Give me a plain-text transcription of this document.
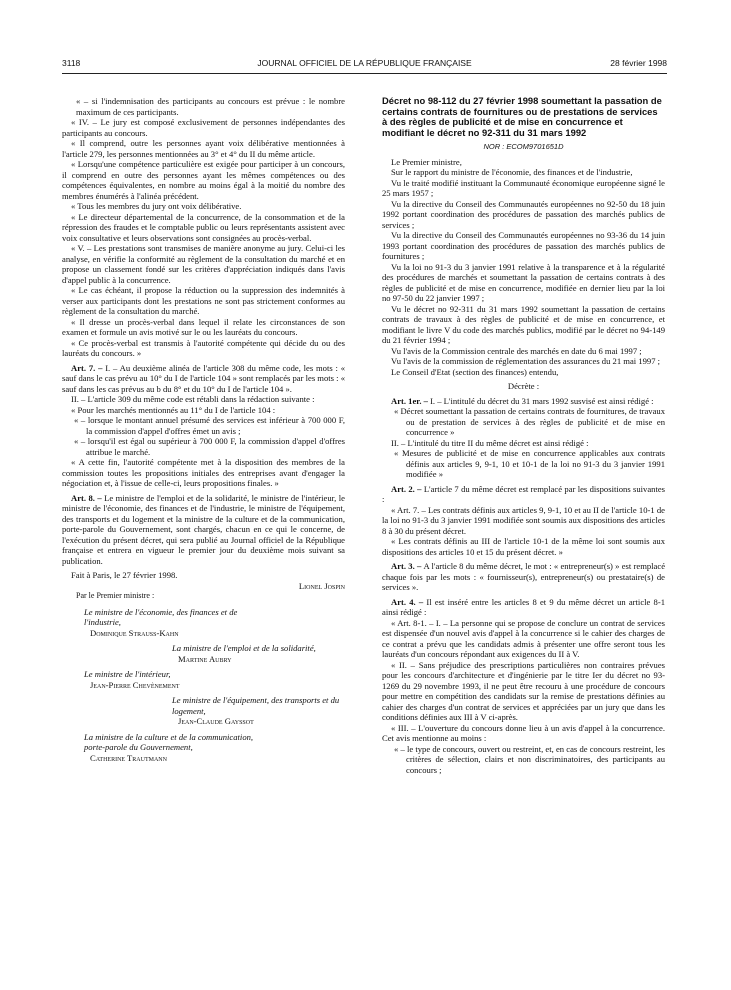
3118	JOURNAL OFFICIEL DE LA RÉPUBLIQUE FRANÇAISE	28 février 1998

« – si l'indemnisation des participants au concours est prévue : le nombre maximum de ces participants.

« IV. – Le jury est composé exclusivement de personnes indépendantes des participants au concours.

« Il comprend, outre les personnes ayant voix délibérative mentionnées à l'article 279, les personnes mentionnées au 3° et 4° du II du même article.

« Lorsqu'une compétence particulière est exigée pour participer à un concours, il comprend en outre des personnes ayant les mêmes compétences ou des compétences équivalentes, en nombre au moins égal à la moitié du nombre des membres énumérés à l'alinéa précédent.

« Tous les membres du jury ont voix délibérative.

« Le directeur départemental de la concurrence, de la consommation et de la répression des fraudes et le comptable public ou leurs représentants assistent avec voix consultative et leurs observations sont consignées au procès-verbal.

« V. – Les prestations sont transmises de manière anonyme au jury. Celui-ci les analyse, en vérifie la conformité au règlement de la consultation du marché et en propose un classement fondé sur les critères d'appréciation indiqués dans l'avis d'appel public à la concurrence.

« Le cas échéant, il propose la réduction ou la suppression des indemnités à verser aux participants dont les prestations ne sont pas strictement conformes au règlement de la consultation du marché.

« Il dresse un procès-verbal dans lequel il relate les circonstances de son examen et formule un avis motivé sur le ou les lauréats du concours.

« Ce procès-verbal est transmis à l'autorité compétente qui décide du ou des lauréats du concours. »

Art. 7. – I. – Au deuxième alinéa de l'article 308 du même code, les mots : « sauf dans le cas prévu au 10° du I de l'article 104 » sont remplacés par les mots : « sauf dans les cas prévus au b du 8° et du 10° du I de l'article 104 ».

II. – L'article 309 du même code est rétabli dans la rédaction suivante :

« Pour les marchés mentionnés au 11° du I de l'article 104 :

« – lorsque le montant annuel présumé des services est inférieur à 700 000 F, la commission d'appel d'offres émet un avis ;

« – lorsqu'il est égal ou supérieur à 700 000 F, la commission d'appel d'offres attribue le marché.

« A cette fin, l'autorité compétente met à la disposition des membres de la commission toutes les propositions initiales des entreprises avant d'engager la négociation et, à l'issue de celle-ci, leurs propositions finales. »

Art. 8. – Le ministre de l'emploi et de la solidarité, le ministre de l'intérieur, le ministre de l'économie, des finances et de l'industrie, le ministre de l'équipement, des transports et du logement et la ministre de la culture et de la communication, porte-parole du Gouvernement, sont chargés, chacun en ce qui le concerne, de l'exécution du présent décret, qui sera publié au Journal officiel de la République française et entrera en vigueur le premier jour du deuxième mois suivant sa publication.

Fait à Paris, le 27 février 1998.

Lionel Jospin

Par le Premier ministre :

Le ministre de l'économie, des finances et de l'industrie,

Dominique Strauss-Kahn

La ministre de l'emploi et de la solidarité,

Martine Aubry

Le ministre de l'intérieur,

Jean-Pierre Chevènement

Le ministre de l'équipement, des transports et du logement,

Jean-Claude Gayssot

La ministre de la culture et de la communication, porte-parole du Gouvernement,

Catherine Trautmann

Décret no 98-112 du 27 février 1998 soumettant la passation de certains contrats de fournitures ou de prestations de services à des règles de publicité et de mise en concurrence et modifiant le décret no 92-311 du 31 mars 1992

NOR : ECOM9701651D

Le Premier ministre,

Sur le rapport du ministre de l'économie, des finances et de l'industrie,

Vu le traité modifié instituant la Communauté économique européenne signé le 25 mars 1957 ;

Vu la directive du Conseil des Communautés européennes no 92-50 du 18 juin 1992 portant coordination des procédures de passation des marchés publics de services ;

Vu la directive du Conseil des Communautés européennes no 93-36 du 14 juin 1993 portant coordination des procédures de passation des marchés publics de fournitures ;

Vu la loi no 91-3 du 3 janvier 1991 relative à la transparence et à la régularité des procédures de marchés et soumettant la passation de certains contrats à des règles de publicité et de mise en concurrence, modifiée en dernier lieu par la loi no 97-50 du 22 janvier 1997 ;

Vu le décret no 92-311 du 31 mars 1992 soumettant la passation de certains contrats de travaux à des règles de publicité et de mise en concurrence, et modifiant le livre V du code des marchés publics, modifié par le décret no 94-149 du 21 février 1994 ;

Vu l'avis de la Commission centrale des marchés en date du 6 mai 1997 ;

Vu l'avis de la commission de réglementation des assurances du 21 mai 1997 ;

Le Conseil d'Etat (section des finances) entendu,

Décrète :

Art. 1er. – I. – L'intitulé du décret du 31 mars 1992 susvisé est ainsi rédigé :

« Décret soumettant la passation de certains contrats de fournitures, de travaux ou de prestation de services à des règles de publicité et de mise en concurrence »

II. – L'intitulé du titre II du même décret est ainsi rédigé :

« Mesures de publicité et de mise en concurrence applicables aux contrats définis aux articles 9, 9-1, 10 et 10-1 de la loi no 91-3 du 3 janvier 1991 modifiée »

Art. 2. – L'article 7 du même décret est remplacé par les dispositions suivantes :

« Art. 7. – Les contrats définis aux articles 9, 9-1, 10 et au II de l'article 10-1 de la loi no 91-3 du 3 janvier 1991 modifiée sont soumis aux dispositions des articles 8 à 30 du présent décret.

« Les contrats définis au III de l'article 10-1 de la même loi sont soumis aux dispositions des articles 10 et 15 du présent décret. »

Art. 3. – A l'article 8 du même décret, le mot : « entrepreneur(s) » est remplacé chaque fois par les mots : « fournisseur(s), entrepreneur(s) ou prestataire(s) de services ».

Art. 4. – Il est inséré entre les articles 8 et 9 du même décret un article 8-1 ainsi rédigé :

« Art. 8-1. – I. – La personne qui se propose de conclure un contrat de services est dispensée d'un nouvel avis d'appel à la concurrence si le cahier des charges de ce contrat a prévu que les candidats admis à présenter une offre seront tous les lauréats d'un concours répondant aux exigences du II à V.

« II. – Sans préjudice des prescriptions particulières non contraires prévues pour les concours d'architecture et d'ingénierie par le titre Ier du décret no 93-1269 du 29 novembre 1993, il ne peut être recouru à une procédure de concours pour mettre en compétition des candidats sur la remise de prestations définies au cahier des charges d'un contrat de services et appréciées par un jury que dans les conditions définies aux III à V ci-après.

« III. – L'ouverture du concours donne lieu à un avis d'appel à la concurrence. Cet avis mentionne au moins :

« – le type de concours, ouvert ou restreint, et, en cas de concours restreint, les critères de sélection, clairs et non discriminatoires, des participants au concours ;
